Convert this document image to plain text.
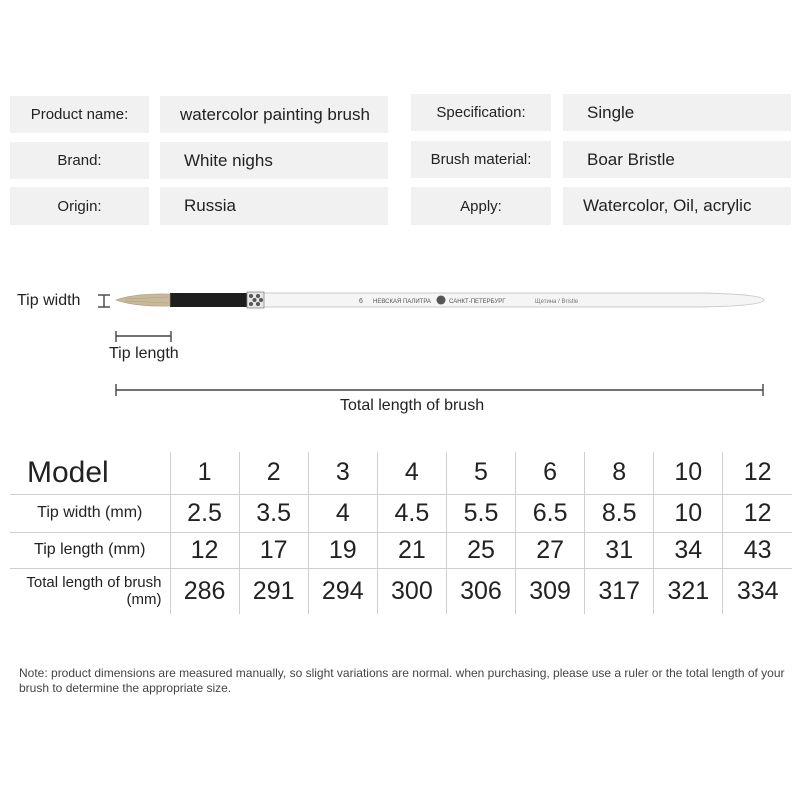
Product name:	watercolor painting brush	Specification:	Single
Brand:	White nighs	Brush material:	Boar Bristle
Origin:	Russia	Apply:	Watercolor, Oil, acrylic
Tip width
Tip length
Total length of brush
6 НЕВСКАЯ ПАЛИТРА	САНКТ-ПЕТЕРБУРГ	Щетина / Bristle
Model	1	2	3	4	5	6	8	10	12
Tip width (mm)	2.5	3.5	4	4.5	5.5	6.5	8.5	10	12
Tip length (mm)	12	17	19	21	25	27	31	34	43

Total length of brush
(mm)	286	291	294	300	306	309	317	321	334

Note: product dimensions are measured manually, so slight variations are normal. when purchasing, please use a ruler or the total length of your brush to determine the appropriate size.
